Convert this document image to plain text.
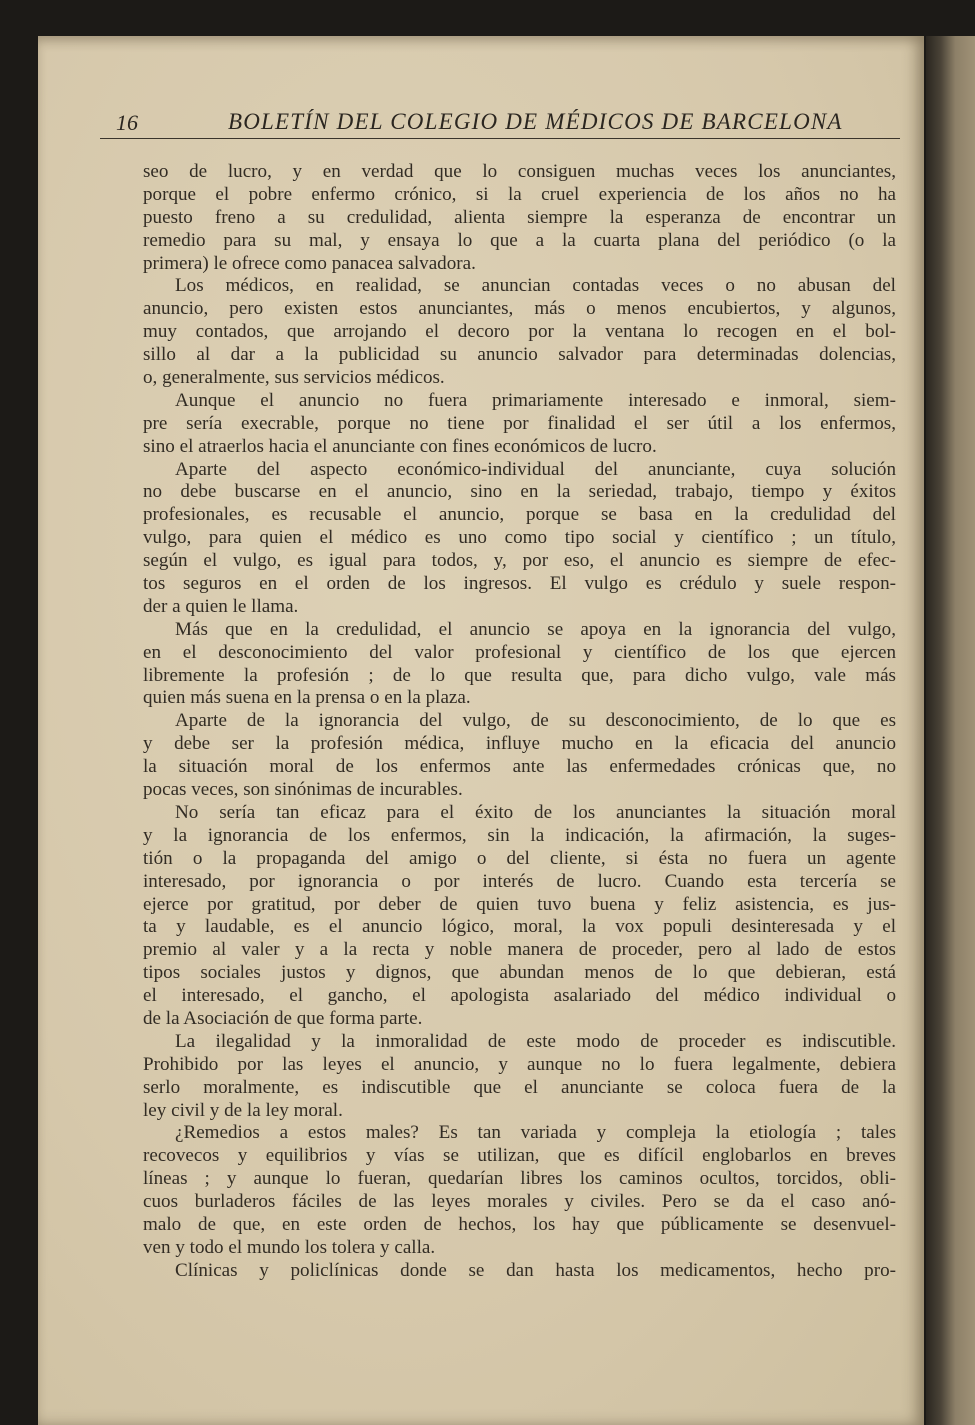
16	BOLETÍN DEL COLEGIO DE MÉDICOS DE BARCELONA
seo de lucro, y en verdad que lo consiguen muchas veces los anunciantes,
porque el pobre enfermo crónico, si la cruel experiencia de los años no ha
puesto freno a su credulidad, alienta siempre la esperanza de encontrar un
remedio para su mal, y ensaya lo que a la cuarta plana del periódico (o la
primera) le ofrece como panacea salvadora.
Los médicos, en realidad, se anuncian contadas veces o no abusan del
anuncio, pero existen estos anunciantes, más o menos encubiertos, y algunos,
muy contados, que arrojando el decoro por la ventana lo recogen en el bol-
sillo al dar a la publicidad su anuncio salvador para determinadas dolencias,
o, generalmente, sus servicios médicos.
Aunque el anuncio no fuera primariamente interesado e inmoral, siem-
pre sería execrable, porque no tiene por finalidad el ser útil a los enfermos,
sino el atraerlos hacia el anunciante con fines económicos de lucro.
Aparte del aspecto económico-individual del anunciante, cuya solución
no debe buscarse en el anuncio, sino en la seriedad, trabajo, tiempo y éxitos
profesionales, es recusable el anuncio, porque se basa en la credulidad del
vulgo, para quien el médico es uno como tipo social y científico ; un título,
según el vulgo, es igual para todos, y, por eso, el anuncio es siempre de efec-
tos seguros en el orden de los ingresos. El vulgo es crédulo y suele respon-
der a quien le llama.
Más que en la credulidad, el anuncio se apoya en la ignorancia del vulgo,
en el desconocimiento del valor profesional y científico de los que ejercen
libremente la profesión ; de lo que resulta que, para dicho vulgo, vale más
quien más suena en la prensa o en la plaza.
Aparte de la ignorancia del vulgo, de su desconocimiento, de lo que es
y debe ser la profesión médica, influye mucho en la eficacia del anuncio
la situación moral de los enfermos ante las enfermedades crónicas que, no
pocas veces, son sinónimas de incurables.
No sería tan eficaz para el éxito de los anunciantes la situación moral
y la ignorancia de los enfermos, sin la indicación, la afirmación, la suges-
tión o la propaganda del amigo o del cliente, si ésta no fuera un agente
interesado, por ignorancia o por interés de lucro. Cuando esta tercería se
ejerce por gratitud, por deber de quien tuvo buena y feliz asistencia, es jus-
ta y laudable, es el anuncio lógico, moral, la vox populi desinteresada y el
premio al valer y a la recta y noble manera de proceder, pero al lado de estos
tipos sociales justos y dignos, que abundan menos de lo que debieran, está
el interesado, el gancho, el apologista asalariado del médico individual o
de la Asociación de que forma parte.
La ilegalidad y la inmoralidad de este modo de proceder es indiscutible.
Prohibido por las leyes el anuncio, y aunque no lo fuera legalmente, debiera
serlo moralmente, es indiscutible que el anunciante se coloca fuera de la
ley civil y de la ley moral.
¿Remedios a estos males? Es tan variada y compleja la etiología ; tales
recovecos y equilibrios y vías se utilizan, que es difícil englobarlos en breves
líneas ; y aunque lo fueran, quedarían libres los caminos ocultos, torcidos, obli-
cuos burladeros fáciles de las leyes morales y civiles. Pero se da el caso anó-
malo de que, en este orden de hechos, los hay que públicamente se desenvuel-
ven y todo el mundo los tolera y calla.
Clínicas y policlínicas donde se dan hasta los medicamentos, hecho pro-
